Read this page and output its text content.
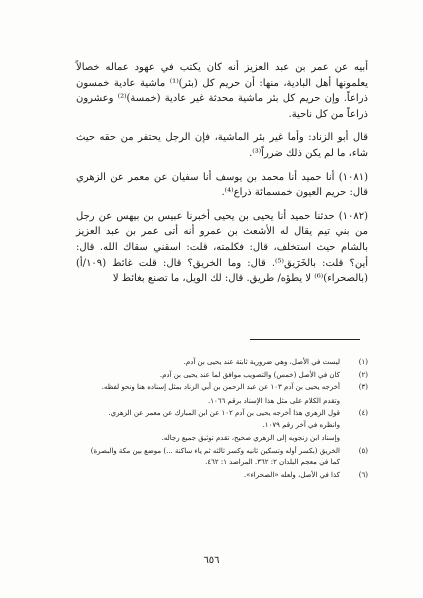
أبيه عن عمر بن عبد العزيز أنه كان يكتب في عهود عماله خصالاً يعلمونها أهل البادية، منها: أن حريم كل (بئر)⁽¹⁾ ماشية عادية خمسون ذراعاً. وإن حريم كل بئر ماشية محدثة غير عادية (خمسة)⁽²⁾ وعشرون ذراعاً من كل ناحية.

قال أبو الزناد: وأما غير بئر الماشية، فإن الرجل يحتفر من حقه حيث شاء، ما لم يكن ذلك ضرراً⁽³⁾.

(١٠٨١) أنا حميد أنا محمد بن يوسف أنا سفيان عن معمر عن الزهري قال: حريم العيون خمسمائة ذراع⁽⁴⁾.

(١٠٨٢) حدثنا حميد أنا يحيى بن يحيى أخبرنا عبيس بن بيهس عن رجل من بني تيم يقال له الأشعث بن عمرو أنه أتى عمر بن عبد العزيز بالشام حيث استخلف، قال: فكلمته، قلت: اسقني سقاك الله. قال: أين؟ قلت: بالخَرَيق⁽⁵⁾. قال: وما الخريق؟ قال: قلت غائط (١٠٩/أ)(بالصحراء)⁽⁶⁾ لا يطؤه/ طريق. قال: لك الويل، ما تصنع بغائط لا

(١)
ليست في الأصل، وهي ضرورية ثابتة عند يحيى بن آدم.
(٢)
كان في الأصل (خمس) والتصويب موافق لما عند يحيى بن آدم.
(٣)
أخرجه يحيى بن آدم ١٠٣ عن عبد الرحمن بن أبي الزناد بمثل إسناده هنا ونحو لفظه.
وتقدم الكلام على مثل هذا الإسناد برقم ١٠٦٦.
(٤)
قول الزهري هذا أخرجه يحيى بن آدم ١٠٢ عن ابن المبارك عن معمر عن الزهري.
وانظره في آخر رقم ١٠٧٩.
وإسناد ابن زنجويه إلى الزهري صحيح، تقدم توثيق جميع رجاله.
(٥)
الخريق (بكسر أوله وتسكين ثانيه وكسر ثالثه ثم ياء ساكنة ...) موضع بين مكة والبصرة) كما في معجم البلدان ٢: ٣٦٢. المراصد ١: ٤٦٢.
(٦)
كذا في الأصل، ولعله «الصحراء».
٦٥٦
